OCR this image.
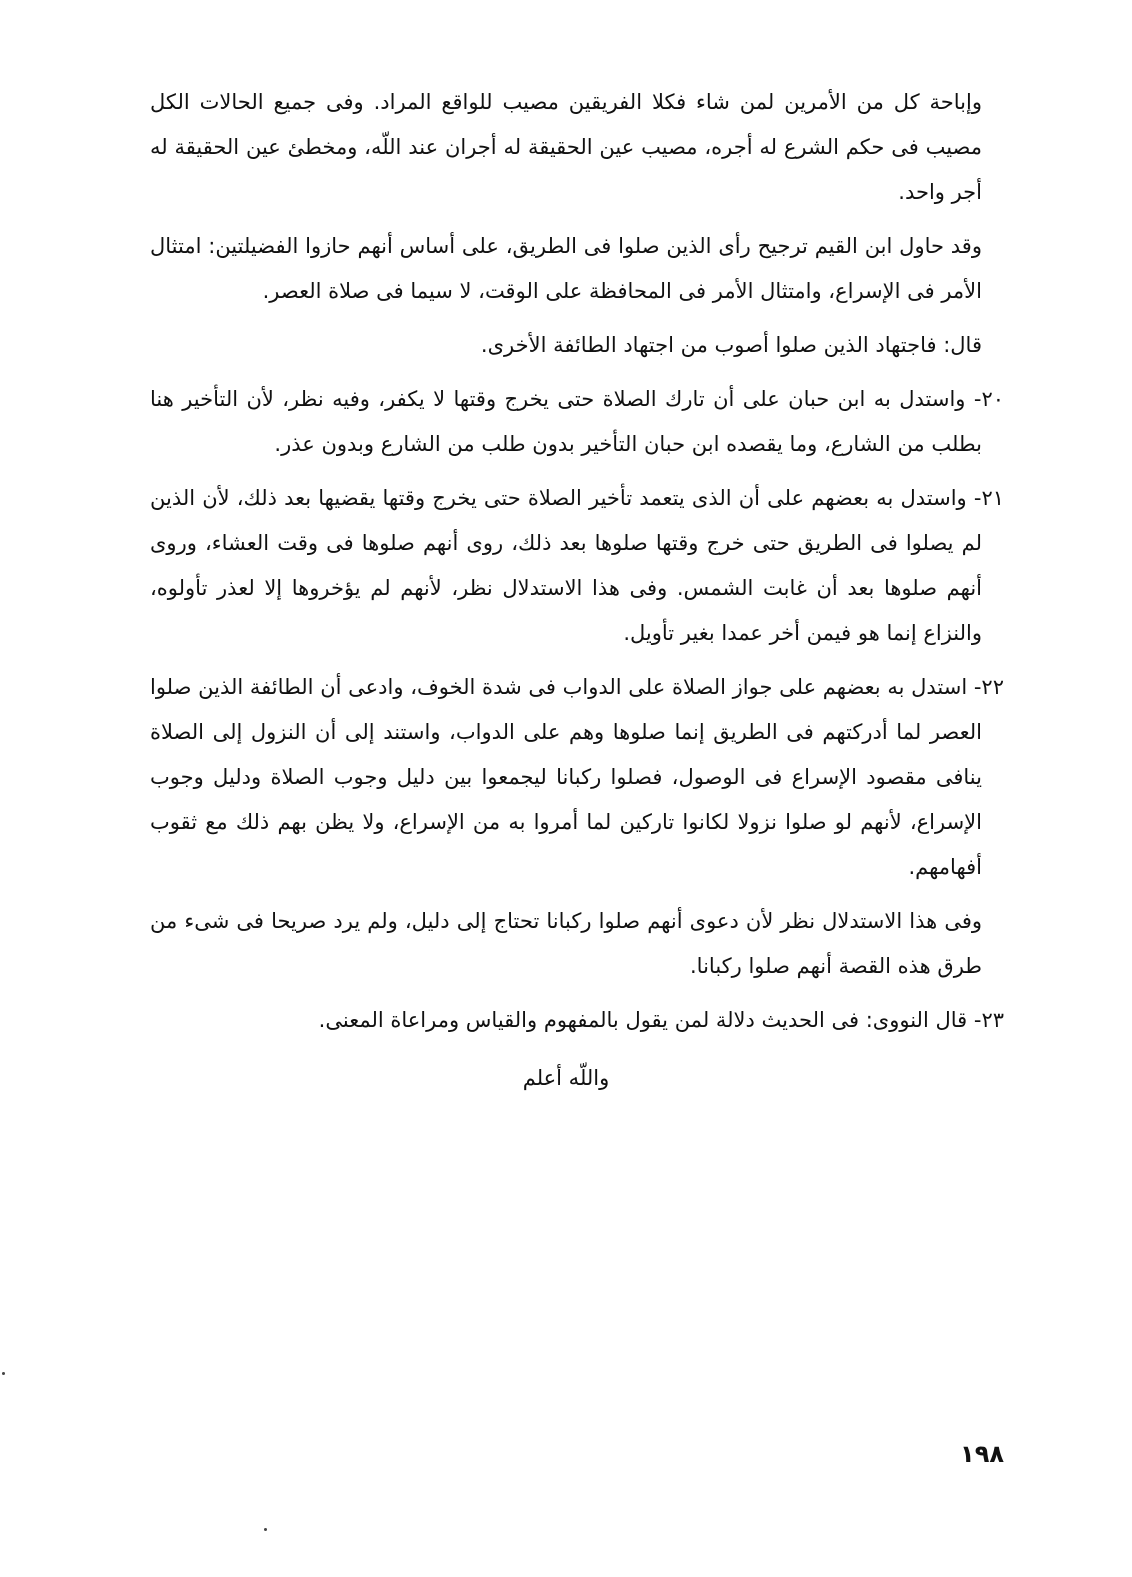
وإباحة كل من الأمرين لمن شاء فكلا الفريقين مصيب للواقع المراد. وفى جميع الحالات الكل مصيب فى حكم الشرع له أجره، مصيب عين الحقيقة له أجران عند اللّه، ومخطئ عين الحقيقة له أجر واحد.

وقد حاول ابن القيم ترجيح رأى الذين صلوا فى الطريق، على أساس أنهم حازوا الفضيلتين: امتثال الأمر فى الإسراع، وامتثال الأمر فى المحافظة على الوقت، لا سيما فى صلاة العصر.

قال: فاجتهاد الذين صلوا أصوب من اجتهاد الطائفة الأخرى.

٢٠- واستدل به ابن حبان على أن تارك الصلاة حتى يخرج وقتها لا يكفر، وفيه نظر، لأن التأخير هنا بطلب من الشارع، وما يقصده ابن حبان التأخير بدون طلب من الشارع وبدون عذر.

٢١- واستدل به بعضهم على أن الذى يتعمد تأخير الصلاة حتى يخرج وقتها يقضيها بعد ذلك، لأن الذين لم يصلوا فى الطريق حتى خرج وقتها صلوها بعد ذلك، روى أنهم صلوها فى وقت العشاء، وروى أنهم صلوها بعد أن غابت الشمس. وفى هذا الاستدلال نظر، لأنهم لم يؤخروها إلا لعذر تأولوه، والنزاع إنما هو فيمن أخر عمدا بغير تأويل.

٢٢- استدل به بعضهم على جواز الصلاة على الدواب فى شدة الخوف، وادعى أن الطائفة الذين صلوا العصر لما أدركتهم فى الطريق إنما صلوها وهم على الدواب، واستند إلى أن النزول إلى الصلاة ينافى مقصود الإسراع فى الوصول، فصلوا ركبانا ليجمعوا بين دليل وجوب الصلاة ودليل وجوب الإسراع، لأنهم لو صلوا نزولا لكانوا تاركين لما أمروا به من الإسراع، ولا يظن بهم ذلك مع ثقوب أفهامهم.

وفى هذا الاستدلال نظر لأن دعوى أنهم صلوا ركبانا تحتاج إلى دليل، ولم يرد صريحا فى شىء من طرق هذه القصة أنهم صلوا ركبانا.

٢٣- قال النووى: فى الحديث دلالة لمن يقول بالمفهوم والقياس ومراعاة المعنى.

واللّه أعلم
١٩٨
